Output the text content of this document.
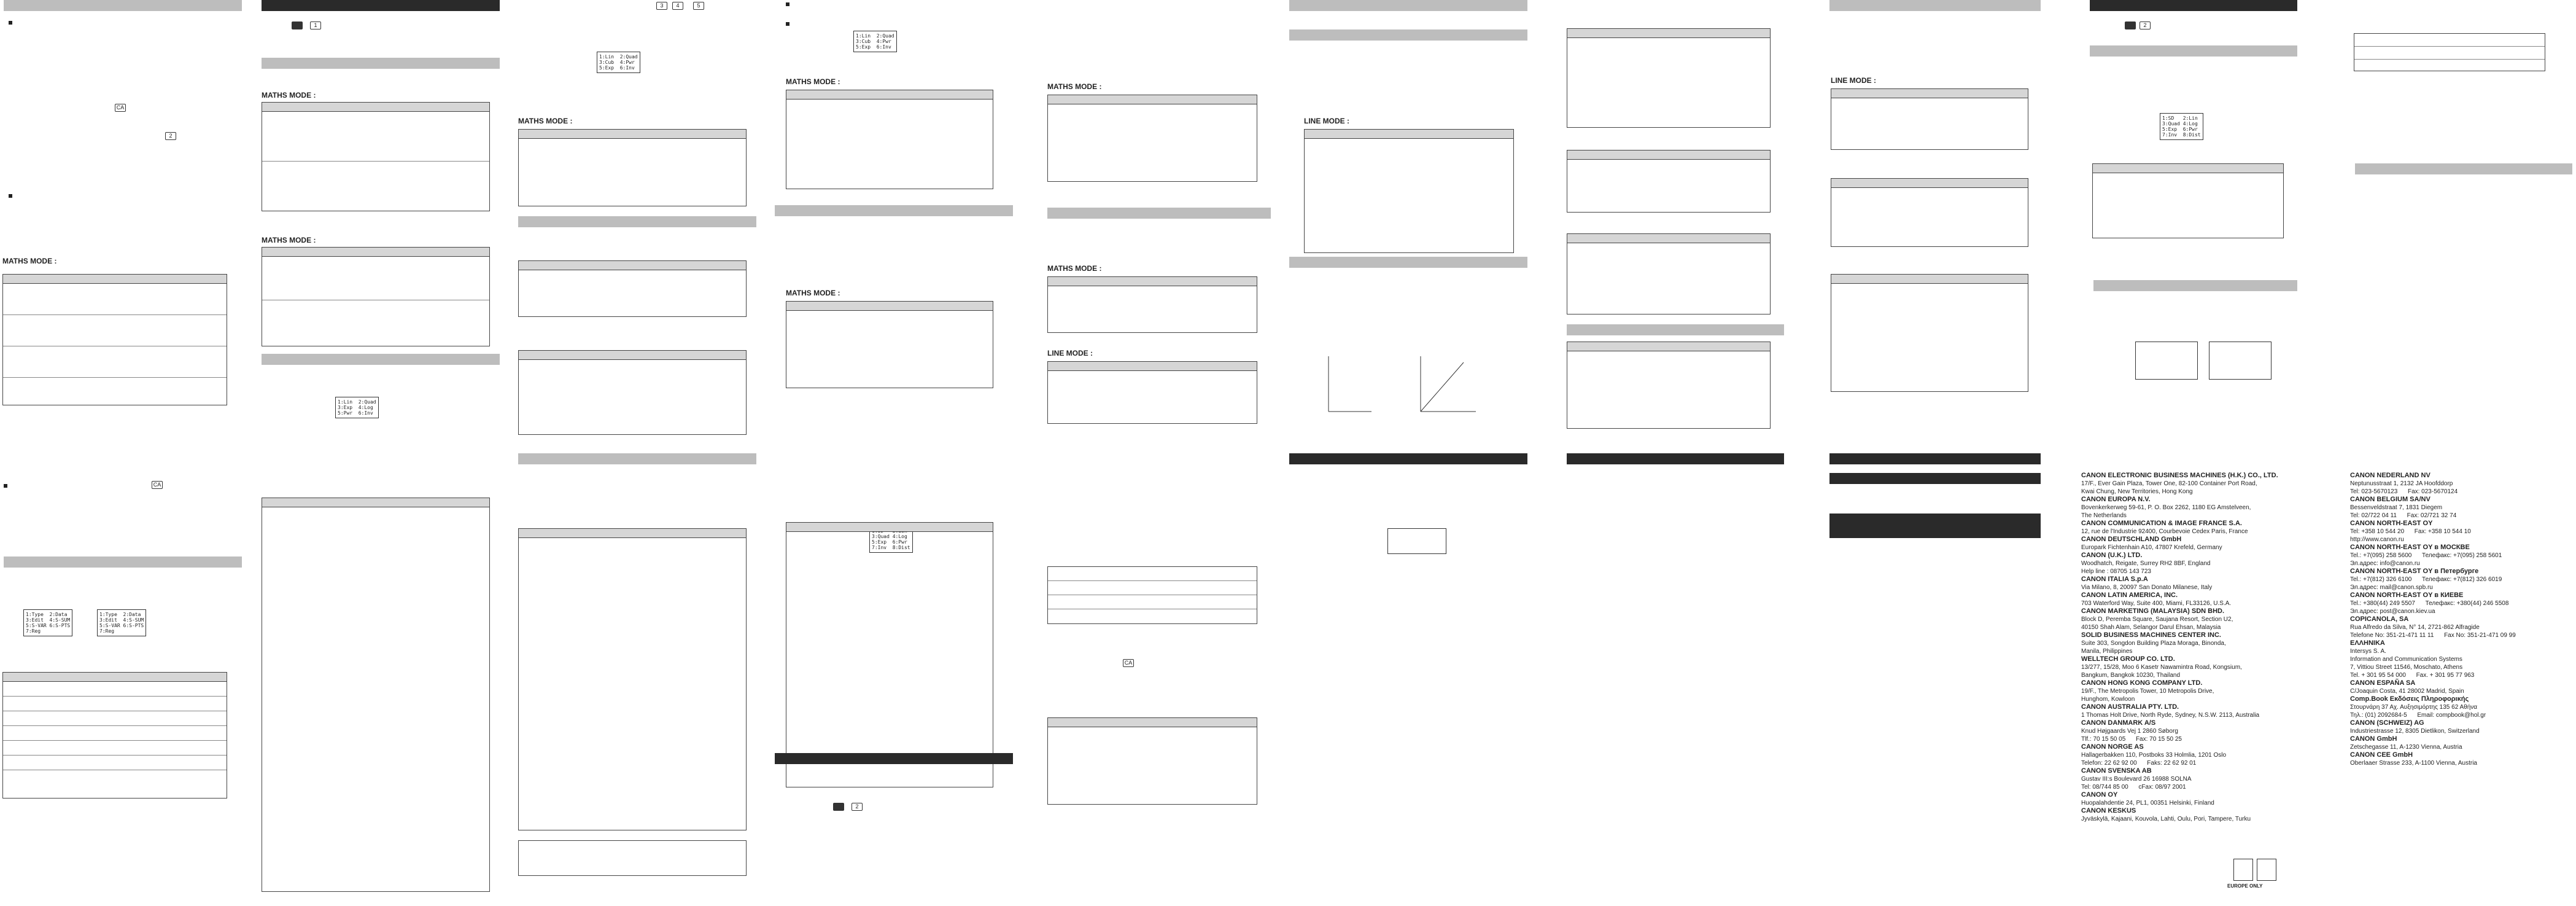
CA
2
MATHS MODE :
CA
1:Type  2:Data
3:Edit  4:S-SUM
5:S-VAR 6:S-PTS
7:Reg
1:Type  2:Data
3:Edit  4:S-SUM
5:S-VAR 6:S-PTS
7:Reg
1
MATHS MODE :
MATHS MODE :
1:Lin  2:Quad
3:Exp  4:Log
5:Pwr  6:Inv
3	4	5
1:Lin  2:Quad
3:Cub  4:Pwr
5:Exp  6:Inv
MATHS MODE :
1:Lin  2:Quad
3:Cub  4:Pwr
5:Exp  6:Inv
MATHS MODE :
MATHS MODE :

3:Quad 4:Log
5:Exp  6:Pwr
7:Inv  8:Dist
2
MATHS MODE :
MATHS MODE :
LINE MODE :
CA
LINE MODE :
LINE MODE :
2
1:SD   2:Lin
3:Quad 4:Log
5:Exp  6:Pwr
7:Inv  8:Dist
CANON ELECTRONIC BUSINESS MACHINES (H.K.) CO., LTD.
17/F., Ever Gain Plaza, Tower One, 82-100 Container Port Road,
Kwai Chung, New Territories, Hong Kong
CANON EUROPA N.V.
Bovenkerkerweg 59-61, P. O. Box 2262, 1180 EG Amstelveen,
The Netherlands
CANON COMMUNICATION & IMAGE FRANCE S.A.
12, rue de l'Industrie 92400, Courbevoie Cedex Paris, France
CANON DEUTSCHLAND GmbH
Europark Fichtenhain A10, 47807 Krefeld, Germany
CANON (U.K.) LTD.
Woodhatch, Reigate, Surrey RH2 8BF, England
Help line : 08705 143 723
CANON ITALIA S.p.A
Via Milano, 8, 20097 San Donato Milanese, Italy
CANON LATIN AMERICA, INC.
703 Waterford Way, Suite 400, Miami, FL33126, U.S.A.
CANON MARKETING (MALAYSIA) SDN BHD.
Block D, Peremba Square, Saujana Resort, Section U2,
40150 Shah Alam, Selangor Darul Ehsan, Malaysia
SOLID BUSINESS MACHINES CENTER INC.
Suite 303, Songdon Building Plaza Moraga, Binonda,
Manila, Philippines
WELLTECH GROUP CO. LTD.
13/277, 15/28, Moo 6 Kasetr Nawamintra Road, Kongsium,
Bangkum, Bangkok 10230, Thailand
CANON HONG KONG COMPANY LTD.
19/F., The Metropolis Tower, 10 Metropolis Drive,
Hunghom, Kowloon
CANON AUSTRALIA PTY. LTD.
1 Thomas Holt Drive, North Ryde, Sydney, N.S.W. 2113, Australia
CANON DANMARK A/S
Knud Højgaards Vej 1 2860 Søborg
Tlf.: 70 15 50 05      Fax: 70 15 50 25
CANON NORGE AS
Hallagerbakken 110, Postboks 33 Holmlia, 1201 Oslo
Telefon: 22 62 92 00      Faks: 22 62 92 01
CANON SVENSKA AB
Gustav III:s Boulevard 26 16988 SOLNA
Tel: 08/744 85 00      cFax: 08/97 2001
CANON OY
Huopalahdentie 24, PL1, 00351 Helsinki, Finland
CANON KESKUS
Jyväskylä, Kajaani, Kouvola, Lahti, Oulu, Pori, Tampere, Turku
EUROPE ONLY
CANON NEDERLAND NV
Neptunusstraat 1, 2132 JA Hoofddorp
Tel: 023-5670123      Fax: 023-5670124
CANON BELGIUM SA/NV
Bessenveldstraat 7, 1831 Diegem
Tel: 02/722 04 11      Fax: 02/721 32 74
CANON NORTH-EAST OY
Tel: +358 10 544 20      Fax: +358 10 544 10
http://www.canon.ru
CANON NORTH-EAST OY в МОСКВЕ
Tel.: +7(095) 258 5600      Телефакс: +7(095) 258 5601
Эл.адрес: info@canon.ru
CANON NORTH-EAST OY в Петербурге
Tel.: +7(812) 326 6100      Телефакс: +7(812) 326 6019
Эл.адрес: mail@canon.spb.ru
CANON NORTH-EAST OY в КИЕВЕ
Tel.: +380(44) 249 5507      Телефакс: +380(44) 246 5508
Эл.адрес: post@canon.kiev.ua
COPICANOLA, SA
Rua Alfredo da Silva, N° 14, 2721-862 Alfragide
Telefone No: 351-21-471 11 11      Fax No: 351-21-471 09 99
ΕΛΛΗΝΙΚΑ
Intersys S. A.
Information and Communication Systems
7, Vittiou Street 11546, Moschato, Athens
Tel. + 301 95 54 000      Fax. + 301 95 77 963
CANON ESPAÑA SA
C/Joaquin Costa, 41 28002 Madrid, Spain
Comp.Book Εκδόσεις Πληροφορικής
Στουρνάρη 37 Αχ. Αυξησιμόρτης 135 62 Αθήνα
Τηλ.: (01) 2092684-5      Email: compbook@hol.gr
CANON (SCHWEIZ) AG
Industriestrasse 12, 8305 Dietlikon, Switzerland
CANON GmbH
Zetschegasse 11, A-1230 Vienna, Austria
CANON CEE GmbH
Oberlaaer Strasse 233, A-1100 Vienna, Austria
